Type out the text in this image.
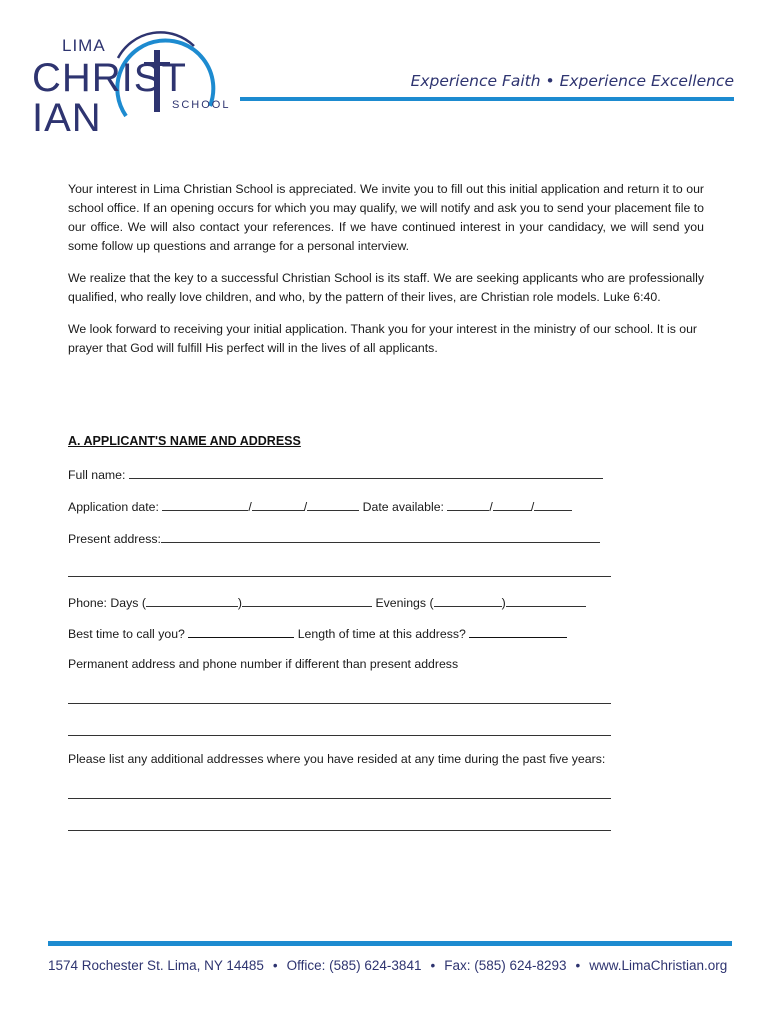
LIMA
CHRIST IAN	SCHOOL
Experience Faith • Experience Excellence

Your interest in Lima Christian School is appreciated. We invite you to fill out this initial application and return it to our school office. If an opening occurs for which you may qualify, we will notify and ask you to send your placement file to our office. We will also contact your references. If we have continued interest in your candidacy, we will send you some follow up questions and arrange for a personal interview.

We realize that the key to a successful Christian School is its staff. We are seeking applicants who are professionally qualified, who really love children, and who, by the pattern of their lives, are Christian role models. Luke 6:40.

We look forward to receiving your initial application. Thank you for your interest in the ministry of our school. It is our prayer that God will fulfill His perfect will in the lives of all applicants.

A. APPLICANT'S NAME AND ADDRESS
Full name:
Application date:	/	/	Date available:	/	/
Present address:
Phone: Days (	)	Evenings (	)
Best time to call you?	Length of time at this address?
Permanent address and phone number if different than present address
Please list any additional addresses where you have resided at any time during the past five years:
1574 Rochester St. Lima, NY 14485 • Office: (585) 624-3841 • Fax: (585) 624-8293 • www.LimaChristian.org
